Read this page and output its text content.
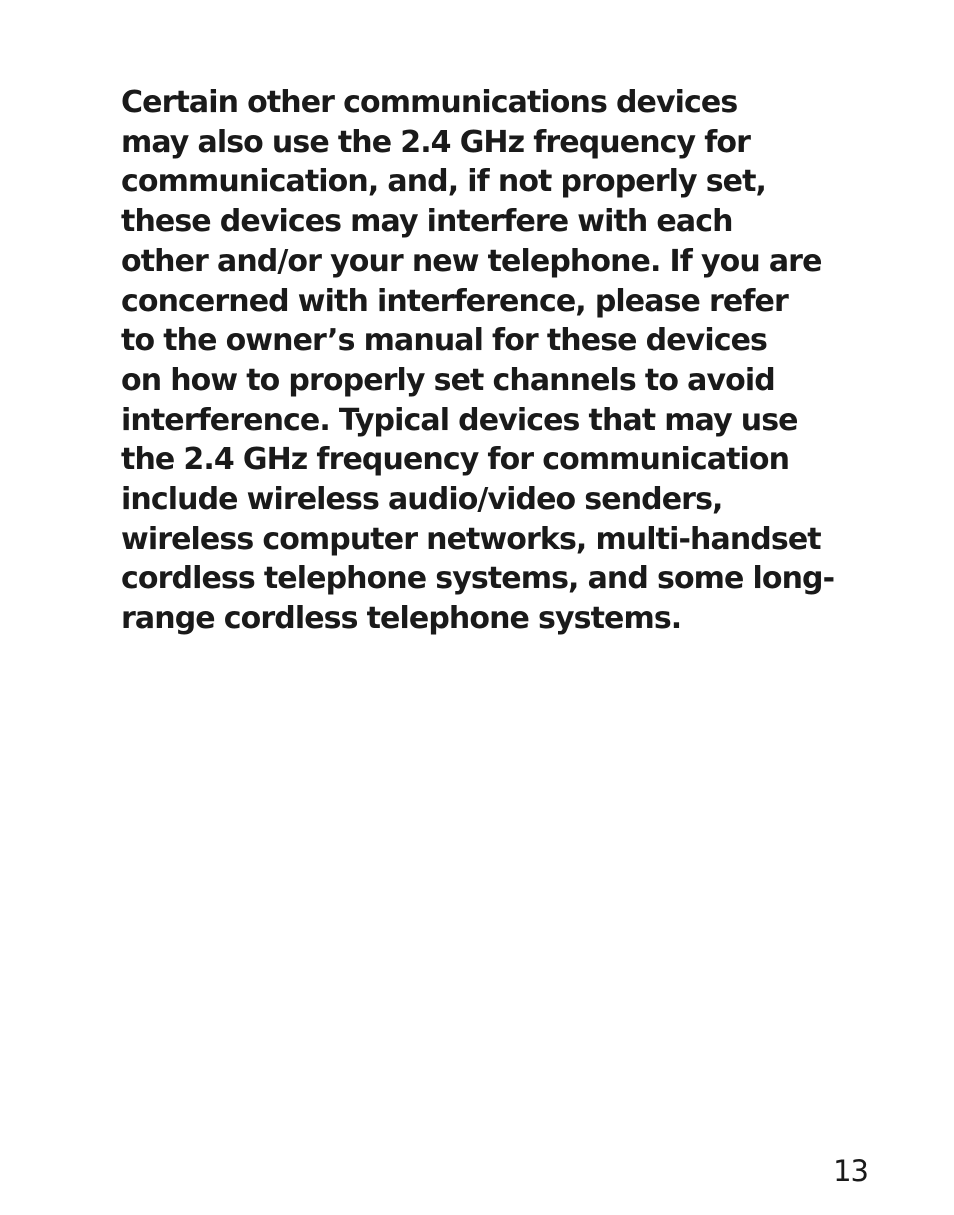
Certain other communications devices
may also use the 2.4 GHz frequency for
communication, and, if not properly set,
these devices may interfere with each
other and/or your new telephone. If you are
concerned with interference, please refer
to the owner’s manual for these devices
on how to properly set channels to avoid
interference. Typical devices that may use
the 2.4 GHz frequency for communication
include wireless audio/video senders,
wireless computer networks, multi-handset
cordless telephone systems, and some long-
range cordless telephone systems.

13
